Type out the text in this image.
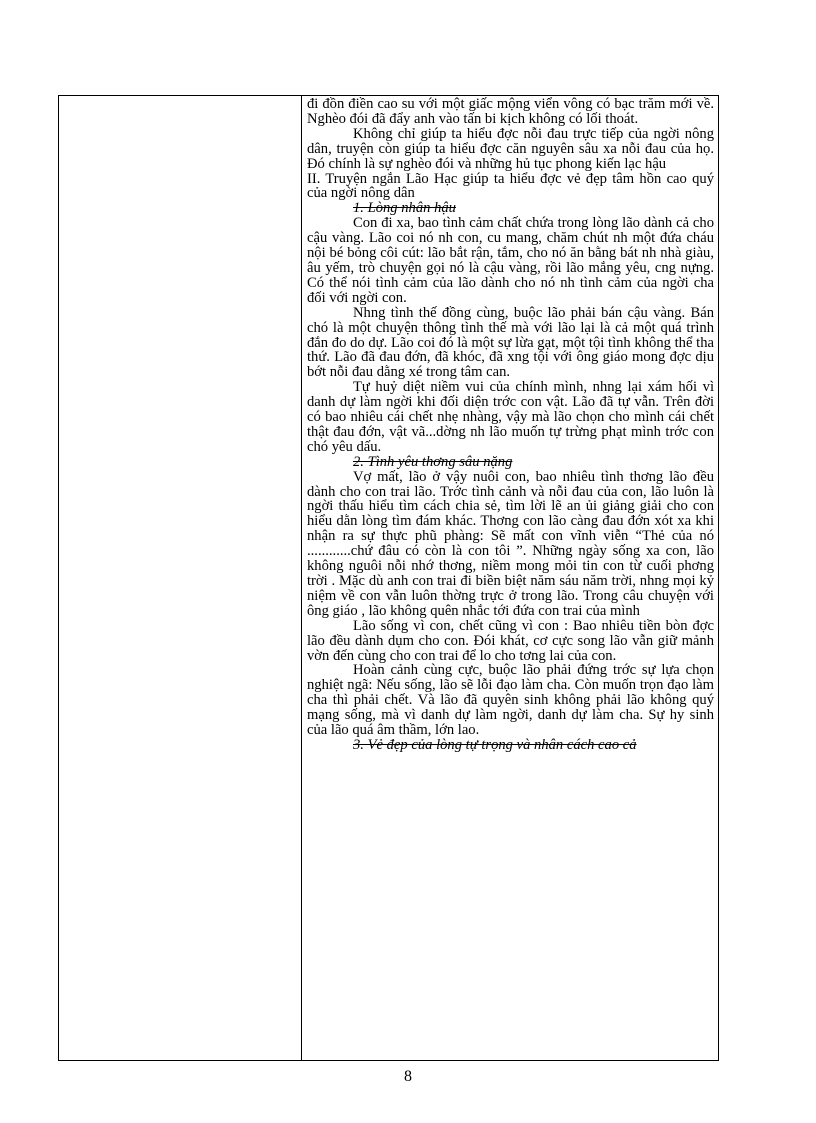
đi đồn điền cao su với một giấc mộng viển vông có bạc trăm mới về. Nghèo đói đã đẩy anh vào tấn bi kịch không có lối thoát.

Không chỉ giúp ta hiểu đợc nỗi đau trực tiếp của ngời nông dân, truyện còn giúp ta hiểu đợc căn nguyên sâu xa nỗi đau của họ. Đó chính là sự nghèo đói và những hủ tục phong kiến lạc hậu

II. Truyện ngắn Lão Hạc giúp ta hiểu đợc vẻ đẹp tâm hồn cao quý của ngời nông dân

1. Lòng nhân hậu

Con đi xa, bao tình cảm chất chứa trong lòng lão dành cả cho cậu vàng. Lão coi nó nh con, cu mang, chăm chút nh một đứa cháu nội bé bỏng côi cút: lão bắt rận, tắm, cho nó ăn bằng bát nh nhà giàu, âu yếm, trò chuyện gọi nó là cậu vàng, rồi lão mắng yêu, cng nựng. Có thể nói tình cảm của lão dành cho nó nh tình cảm của ngời cha đối với ngời con.

Nhng tình thế đồng cùng, buộc lão phải bán cậu vàng. Bán chó là một chuyện thông tình thế mà với lão lại là cả một quá trình đắn đo do dự. Lão coi đó là một sự lừa gạt, một tội tình không thể tha thứ. Lão đã đau đớn, đã khóc, đã xng tội với ông giáo mong đợc dịu bớt nỗi đau dằng xé trong tâm can.

Tự huỷ diệt niềm vui của chính mình, nhng lại xám hối vì danh dự làm ngời khi đối diện trớc con vật. Lão đã tự vẫn. Trên đời có bao nhiêu cái chết nhẹ nhàng, vậy mà lão chọn cho mình cái chết thật đau đớn, vật vã...dờng nh lão muốn tự trừng phạt mình trớc con chó yêu dấu.

2. Tình yêu thơng sâu nặng

Vợ mất, lão ở vậy nuôi con, bao nhiêu tình thơng lão đều dành cho con trai lão. Trớc tình cảnh và nỗi đau của con, lão luôn là ngời thấu hiểu tìm cách chia sẻ, tìm lời lẽ an ủi giảng giải cho con hiểu dằn lòng tìm đám khác. Thơng con lão càng đau đớn xót xa khi nhận ra sự thực phũ phàng: Sẽ mất con vĩnh viễn “Thẻ của nó ............chứ đâu có còn là con tôi ”. Những ngày sống xa con, lão không nguôi nỗi nhớ thơng, niềm mong mỏi tin con từ cuối phơng trời . Mặc dù anh con trai đi biền biệt năm sáu năm trời, nhng mọi kỷ niệm về con vẫn luôn thờng trực ở trong lão. Trong câu chuyện với ông giáo , lão không quên nhắc tới đứa con trai của mình

Lão sống vì con, chết cũng vì con : Bao nhiêu tiền bòn đợc lão đều dành dụm cho con. Đói khát, cơ cực song lão vẫn giữ mảnh vờn đến cùng cho con trai để lo cho tơng lai của con.

Hoàn cảnh cùng cực, buộc lão phải đứng trớc sự lựa chọn nghiệt ngã: Nếu sống, lão sẽ lỗi đạo làm cha. Còn muốn trọn đạo làm cha thì phải chết. Và lão đã quyên sinh không phải lão không quý mạng sống, mà vì danh dự làm ngời, danh dự làm cha. Sự hy sinh của lão quá âm thầm, lớn lao.

3. Vẻ đẹp của lòng tự trọng và nhân cách cao cả

8
